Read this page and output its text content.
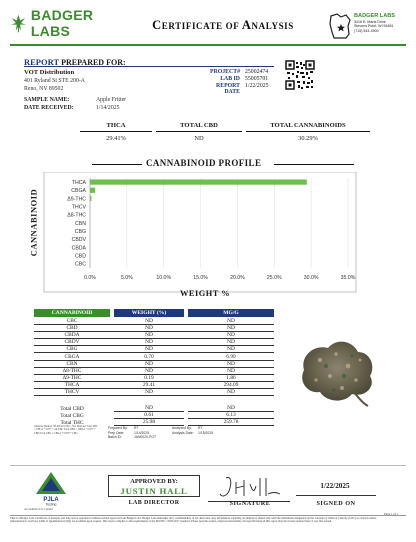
BADGER LABS	CERTIFICATE OF ANALYSIS
BADGER LABS
3416 E. Maria Drive
Stevens Point, WI 54481
(715) 544-4900
REPORT PREPARED FOR:
VOT Distribution
401 Ryland St STE 200-A
Reno, NV 89502
PROJECT# 25002474
LAB ID 55005701
REPORT DATE
1/22/2025
SAMPLE NAME:	Apple Fritter
DATE RECEIVED:	1/14/2025
THCA	TOTAL CBD	TOTAL CANNABINOIDS
29.41%	ND	30.29%
CANNABINOID PROFILE
CANNABINOID
0.0%	5.0%	10.0%	15.0%	20.0%	25.0%	30.0%	35.0%
THCA
CBGA
Δ9-THC
THCV
Δ8-THC
CBN
CBG
CBDV
CBDA
CBD
CBC
WEIGHT %
CANNABINOID	WEIGHT (%)	MG/G
CBC	ND	ND
CBD	ND	ND
CBDA	ND	ND
CBDV	ND	ND
CBG	ND	ND
CBGA	0.70	6.99
CBN	ND	ND
Δ8-THC	ND	ND
Δ9-THC	0.19	1.86
THCA	29.41	294.09
THCV	ND	ND
Total CBD	ND	ND
Total CBG	0.61	6.13
Total THC	25.98	259.78
Analysis Method: SP-POT-01 ND = Not Detected Total THC = THCA * 0.877 + Δ9-THC Total CBD = CBDA * 0.877 + CBD Total CBG = CBGA * 0.878 + CBG
Prepared By:	RT	Analyzed By:	RT
Prep Date:	1/14/2025	Analysis Date:	1/15/2025
Batch ID:	JAN0020-POT
PJLA
Testing
Accreditation #: 111022
APPROVED BY:
JUSTIN HALL
LAB DIRECTOR	SIGNATURE
1/22/2025
SIGNED ON
Page 1 of 1
This is a Badger Labs Certificate of Analysis and may not be reproduced without written approval from Badger Labs. Badger Labs maintains strict confidentiality of all client data. Any information regarding an analysis is shared only with the individuals designated on the Laboratory Chain of Custody (COC) as contacts unless authorization is received. Limit of Quantitation (LOQ) are available upon request. This report complies to the requirements of the ISO/IEC 17025:2017 standard. Please note the results, expressed uncertainty and specifications in this report may have been updated since it was first issued.
